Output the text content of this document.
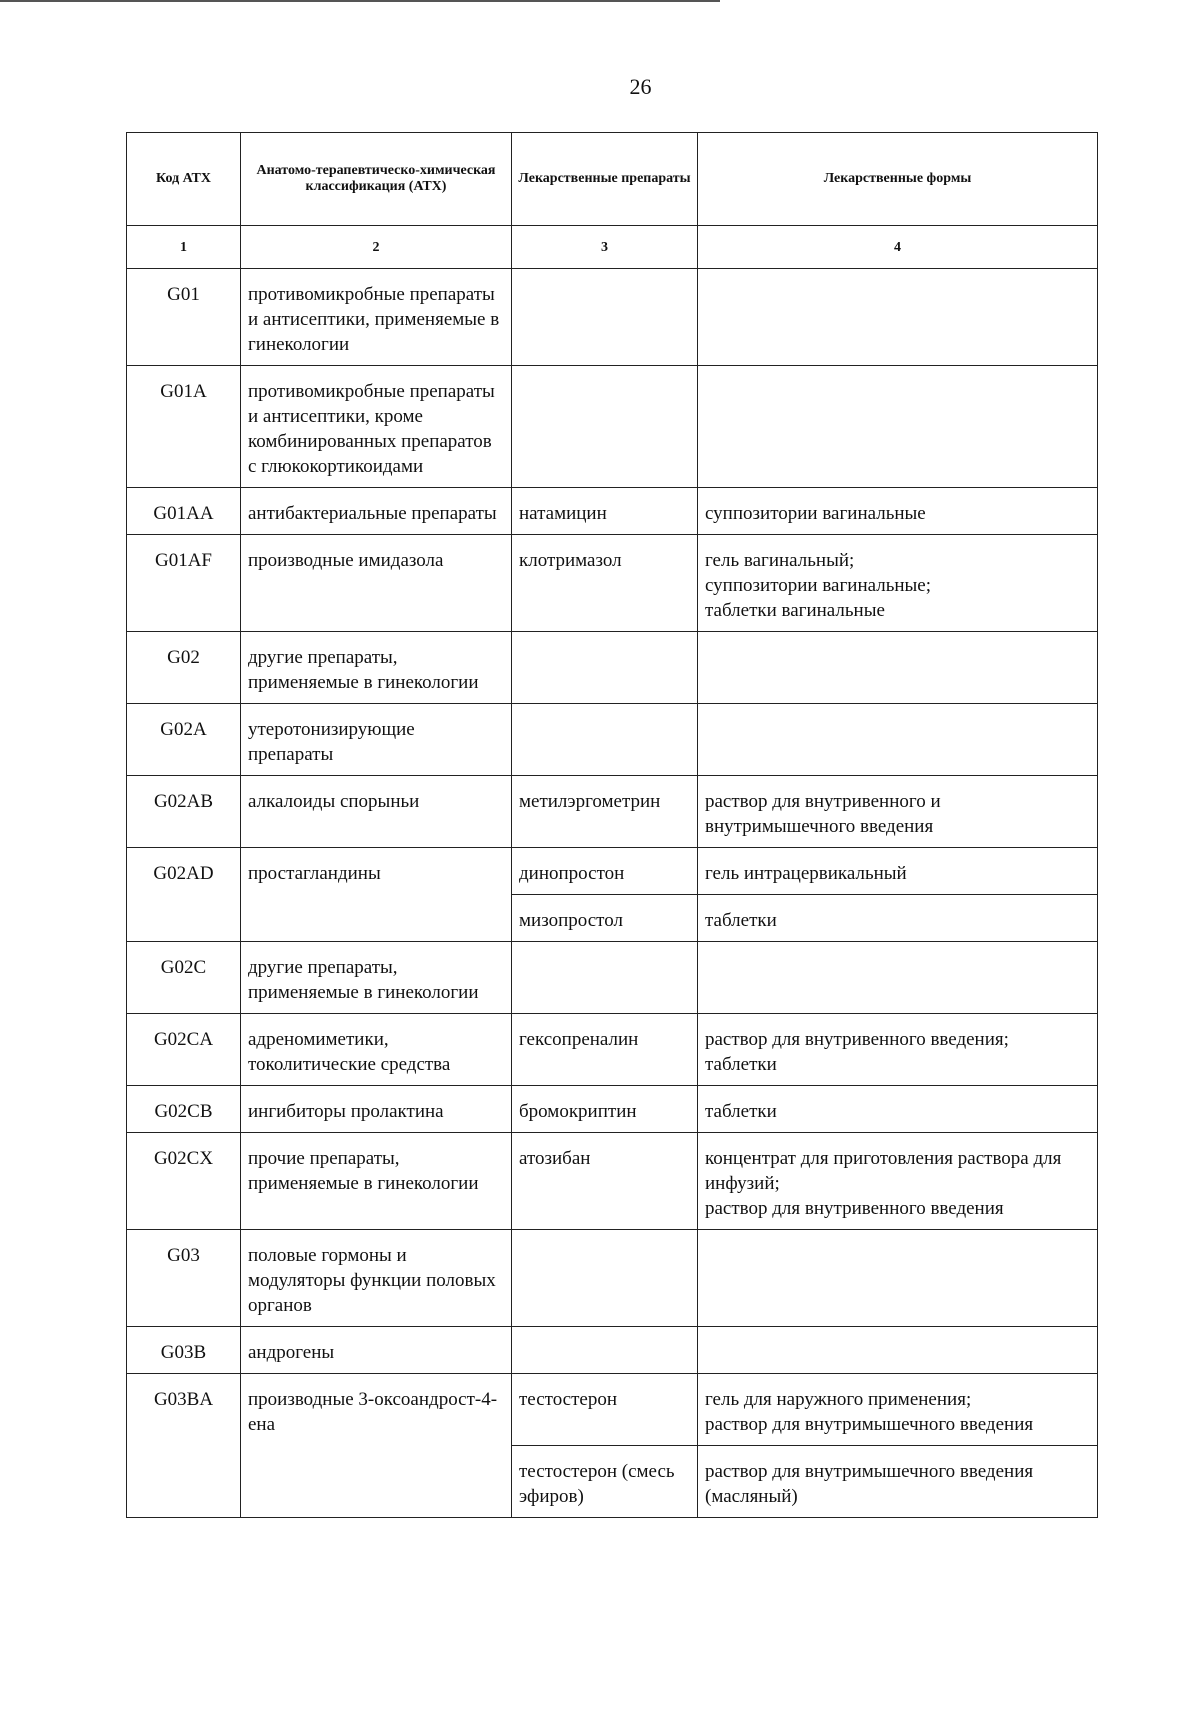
26
Код АТХ	Анатомо-терапевтическо-химическая классификация (АТХ)	Лекарственные препараты	Лекарственные формы
1	2	3	4
G01	противомикробные препараты и антисептики, применяемые в гинекологии		
G01A	противомикробные препараты и антисептики, кроме комбинированных препаратов с глюкокортикоидами		
G01AA	антибактериальные препараты	натамицин	суппозитории вагинальные

G01AF	производные имидазола	клотримазол	гель вагинальный;
суппозитории вагинальные;
таблетки вагинальные

G02	другие препараты, применяемые в гинекологии		
G02A	утеротонизирующие препараты		
G02AB	алкалоиды спорыньи	метилэргометрин	раствор для внутривенного и внутримышечного введения

G02AD	простагландины	динопростон	гель интрацервикальный

		мизопростол	таблетки

G02C	другие препараты, применяемые в гинекологии		
G02CA	адреномиметики, токолитические средства	гексопреналин	раствор для внутривенного введения;
таблетки

G02CB	ингибиторы пролактина	бромокриптин	таблетки

G02CX	прочие препараты, применяемые в гинекологии	атозибан	концентрат для приготовления раствора для инфузий;
раствор для внутривенного введения

G03	половые гормоны и модуляторы функции половых органов		
G03B	андрогены		
G03BA	производные 3-оксоандрост-4-ена	тестостерон	гель для наружного применения;
раствор для внутримышечного введения

		тестостерон (смесь эфиров)	раствор для внутримышечного введения (масляный)
